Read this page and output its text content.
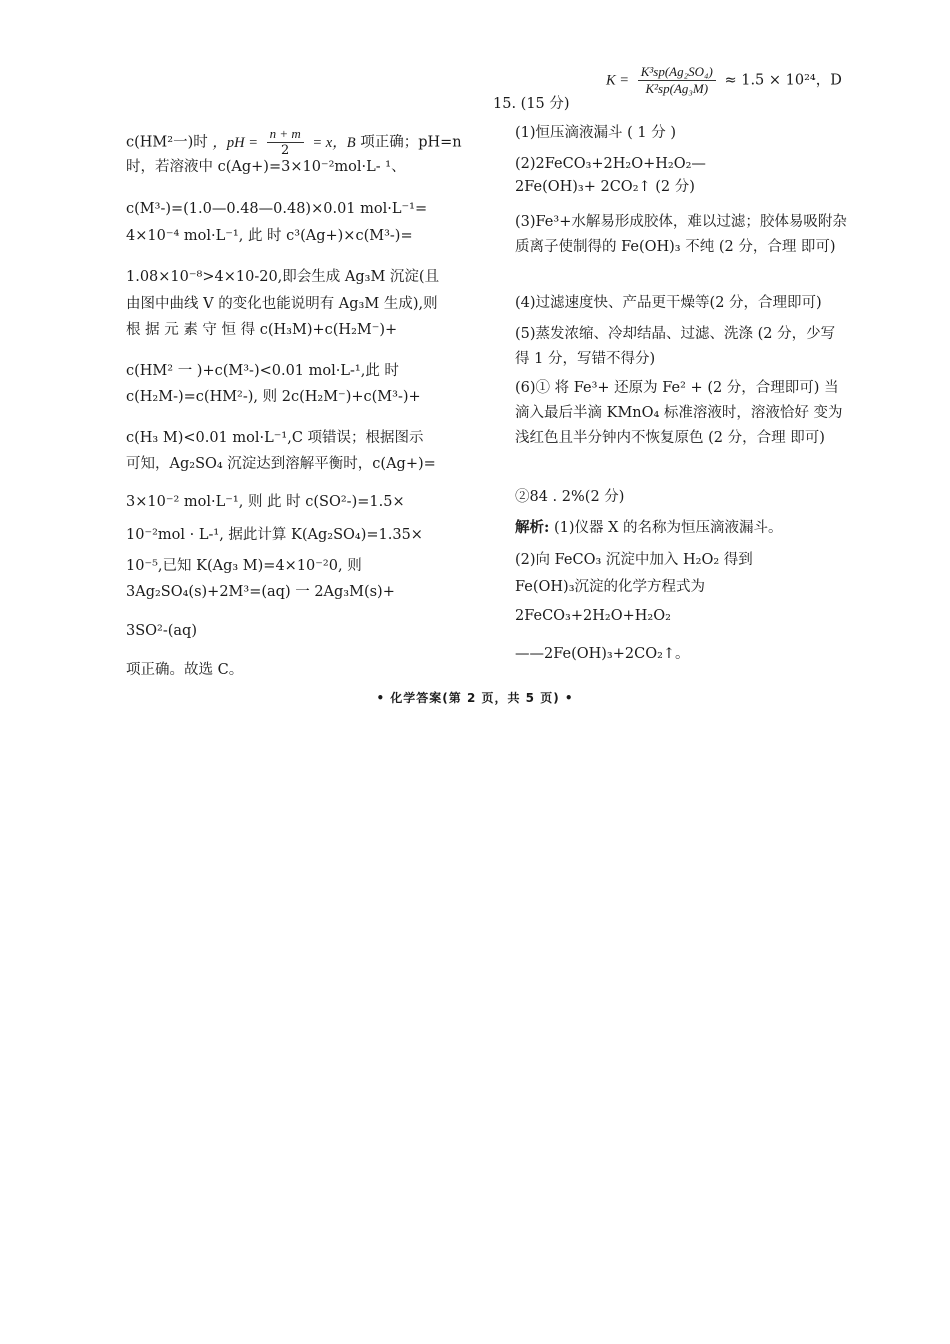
$K = \frac{\text{K³sp(Ag₂SO₄)}}{\text{K²sp(Ag₃M)}} \approx 1.5 \times 10^{24}$，D
c(HM²一)时 ，pH = $\frac{n + m}{2} = x$，B 项正确；pH=n
时，若溶液中 c(Ag+)=3×10⁻²mol·L- ¹、
c(M³-)=(1.0—0.48—0.48)×0.01 mol·L⁻¹=
4×10⁻⁴ mol·L⁻¹, 此 时 c³(Ag+)×c(M³-)=
1.08×10⁻⁸>4×10-20,即会生成 Ag₃M 沉淀(且
由图中曲线 V 的变化也能说明有 Ag₃M 生成),则
根 据 元 素 守 恒 得 c(H₃M)+c(H₂M⁻)+
c(HM² 一 )+c(M³-)<0.01 mol·L-¹,此 时
c(H₂M-)=c(HM²-), 则 2c(H₂M⁻)+c(M³-)+
c(H₃ M)<0.01 mol·L⁻¹,C 项错误；根据图示
可知，Ag₂SO₄ 沉淀达到溶解平衡时，c(Ag+)=
3×10⁻² mol·L⁻¹, 则 此 时 c(SO²-)=1.5×
10⁻²mol · L-¹, 据此计算 K(Ag₂SO₄)=1.35×
10⁻⁵,已知 K(Ag₃ M)=4×10⁻²0, 则
3Ag₂SO₄(s)+2M³=(aq) 一 2Ag₃M(s)+
3SO²-(aq)
项正确。故选 C。
15. (15 分)
(1)恒压滴液漏斗 ( 1 分 )
(2)2FeCO₃+2H₂O+H₂O₂—
2Fe(OH)₃+ 2CO₂↑ (2 分)
(3)Fe³+水解易形成胶体，难以过滤；胶体易吸附杂质离子使制得的 Fe(OH)₃ 不纯 (2 分，合理 即可)
(4)过滤速度快、产品更干燥等(2 分，合理即可)
(5)蒸发浓缩、冷却结晶、过滤、洗涤 (2 分，少写 得 1 分，写错不得分)
(6)① 将 Fe³+ 还原为 Fe² + (2 分，合理即可) 当滴入最后半滴 KMnO₄ 标准溶液时，溶液恰好 变为浅红色且半分钟内不恢复原色 (2 分，合理 即可)
②84 . 2%(2 分)
解析: (1)仪器 X 的名称为恒压滴液漏斗。
(2)向 FeCO₃ 沉淀中加入 H₂O₂ 得到
Fe(OH)₃沉淀的化学方程式为
2FeCO₃+2H₂O+H₂O₂
——2Fe(OH)₃+2CO₂↑。
• 化学答案(第 2 页，共 5 页) •
